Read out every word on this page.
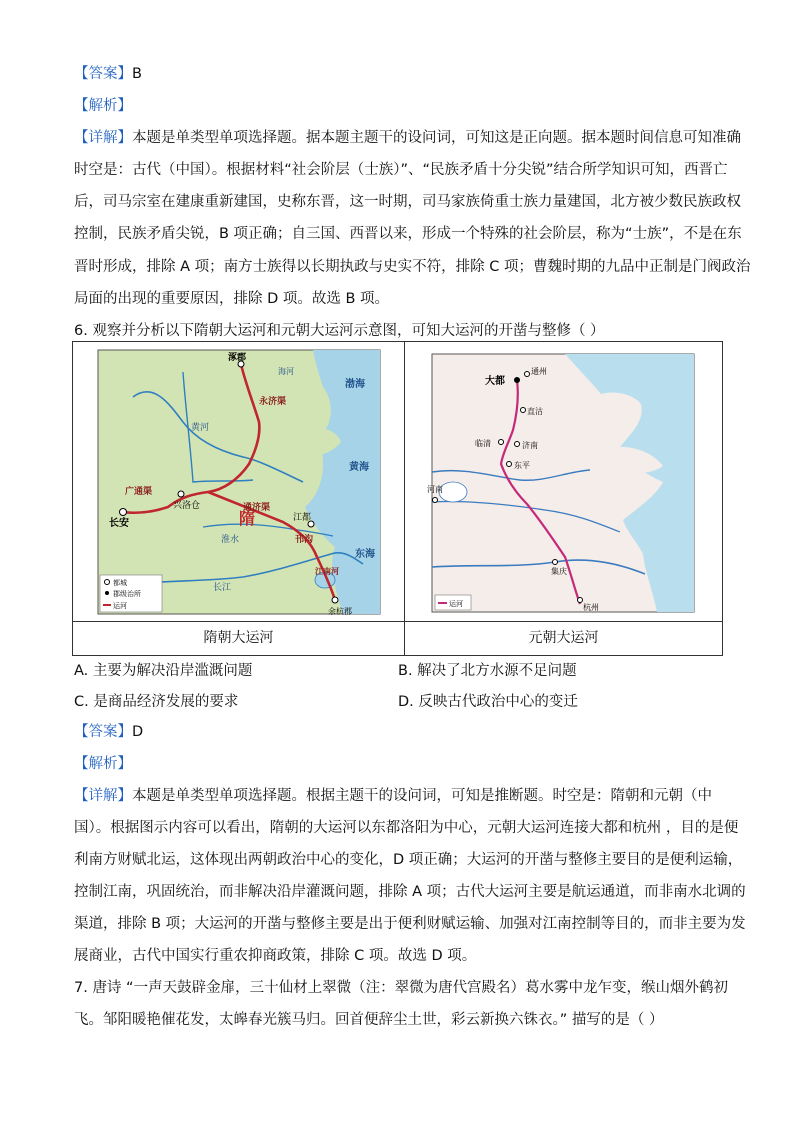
【答案】B
【解析】
【详解】本题是单类型单项选择题。据本题主题干的设问词，可知这是正向题。据本题时间信息可知准确
时空是：古代（中国）。根据材料“社会阶层（士族）”、“民族矛盾十分尖锐”结合所学知识可知，西晋亡
后，司马宗室在建康重新建国，史称东晋，这一时期，司马家族倚重士族力量建国，北方被少数民族政权
控制，民族矛盾尖锐，B 项正确；自三国、西晋以来，形成一个特殊的社会阶层，称为“士族”，不是在东
晋时形成，排除 A 项；南方士族得以长期执政与史实不符，排除 C 项；曹魏时期的九品中正制是门阀政治
局面的出现的重要原因，排除 D 项。故选 B 项。
6. 观察并分析以下隋朝大运河和元朝大运河示意图，可知大运河的开凿与整修（ ）
涿郡
长安
兴洛仓
江都
余杭郡
永济渠
广通渠
通济渠
邗沟
江南河
黄河
淮水
长江
海河
渤海
黄海
东海
隋
都城
郡级治所
运河
隋朝大运河

大都
通州
直沽
临清	济南
东平
河南
集庆
杭州
运河
元朝大运河
A. 主要为解决沿岸滥溉问题	B. 解决了北方水源不足问题
C. 是商品经济发展的要求	D. 反映古代政治中心的变迁
【答案】D
【解析】
【详解】本题是单类型单项选择题。根据主题干的设问词，可知是推断题。时空是：隋朝和元朝（中
国）。根据图示内容可以看出，隋朝的大运河以东都洛阳为中心，元朝大运河连接大都和杭州 ，目的是便
利南方财赋北运，这体现出两朝政治中心的变化，D 项正确；大运河的开凿与整修主要目的是便利运输，
控制江南，巩固统治，而非解决沿岸灌溉问题，排除 A 项；古代大运河主要是航运通道，而非南水北调的
渠道，排除 B 项；大运河的开凿与整修主要是出于便利财赋运输、加强对江南控制等目的，而非主要为发
展商业，古代中国实行重农抑商政策，排除 C 项。故选 D 项。
7. 唐诗 “一声天鼓辟金扉，三十仙材上翠微（注：翠微为唐代宫殿名）葛水雾中龙乍变，缑山烟外鹤初
飞。邹阳暖艳催花发，太皞春光簇马归。回首便辞尘土世，彩云新换六铢衣。” 描写的是（ ）
